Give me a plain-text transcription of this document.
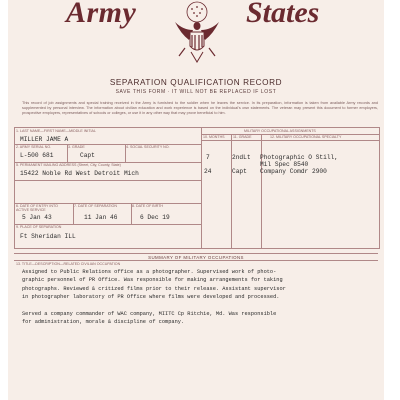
Army	States
SEPARATION QUALIFICATION RECORD
SAVE THIS FORM · IT WILL NOT BE REPLACED IF LOST
This record of job assignments and special training received in the Army is furnished to the soldier when he leaves the service. In its preparation, information is taken from available Army records and supplemented by personal interview. The information about civilian education and work experience is based on the individual's own statements. The veteran may present this document to former employers, prospective employers, representatives of schools or colleges, or use it in any other way that may prove beneficial to him.
1. LAST NAME—FIRST NAME—MIDDLE INITIAL
MILLER JAME A
2. ARMY SERIAL NO.
L-500 681
3. GRADE
Capt
4. SOCIAL SECURITY NO.
5. PERMANENT MAILING ADDRESS (Street, City, County, State)
15422 Noble Rd West Detroit Mich
6. DATE OF ENTRY INTO ACTIVE SERVICE
5 Jan 43
7. DATE OF SEPARATION
11 Jan 46
8. DATE OF BIRTH
6 Dec 19
9. PLACE OF SEPARATION
Ft Sheridan ILL
MILITARY OCCUPATIONAL ASSIGNMENTS
10. MONTHS 11. GRADE	12. MILITARY OCCUPATIONAL SPECIALTY
7	2ndLt Photographic O Still,
Mil Spec 8540
24	Capt Company Comdr 2900
SUMMARY OF MILITARY OCCUPATIONS
13. TITLE—DESCRIPTION—RELATED CIVILIAN OCCUPATION
Assigned to Public Relations office as a photographer. Supervised work of photo-
graphic personnel of PR Office. Was responsible for making arrangements for taking
photographs. Reviewed & critized films prior to their release. Assistant supervisor
in photographer laboratory of PR Office where films were developed and processed.
Served a company commander of WAC company, MIITC Cp Ritchie, Md. Was responsible
for administration, morale & discipline of company.
